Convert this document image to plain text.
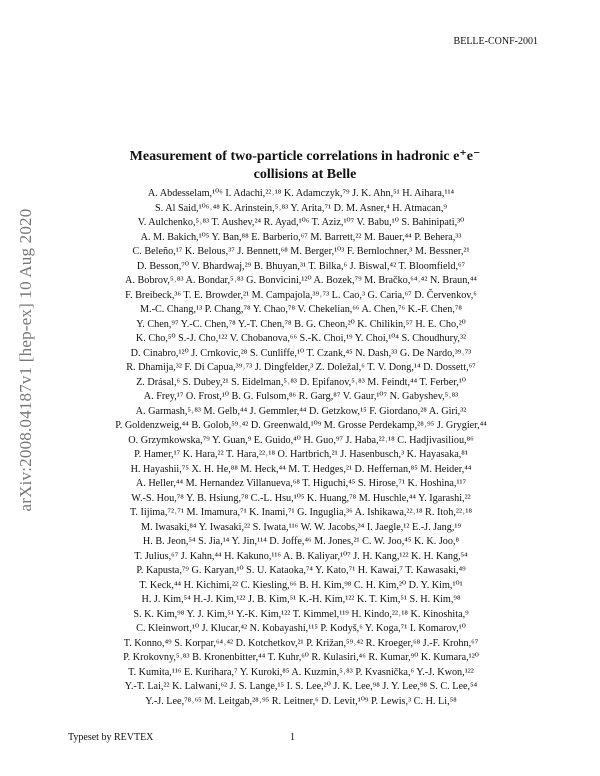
BELLE-CONF-2001
arXiv:2008.04187v1 [hep-ex] 10 Aug 2020
Measurement of two-particle correlations in hadronic e⁺e⁻
collisions at Belle
A. Abdesselam,¹⁰⁶ I. Adachi,²²˒¹⁸ K. Adamczyk,⁷⁹ J. K. Ahn,⁵¹ H. Aihara,¹¹⁴
S. Al Said,¹⁰⁶˒⁴⁸ K. Arinstein,⁵˒⁸³ Y. Arita,⁷¹ D. M. Asner,⁴ H. Atmacan,⁹
V. Aulchenko,⁵˒⁸³ T. Aushev,²⁴ R. Ayad,¹⁰⁶ T. Aziz,¹⁰⁷ V. Babu,¹⁰ S. Bahinipati,³⁰
A. M. Bakich,¹⁰⁵ Y. Ban,⁸⁸ E. Barberio,⁶⁷ M. Barrett,²² M. Bauer,⁴⁴ P. Behera,³³
C. Beleño,¹⁷ K. Belous,³⁷ J. Bennett,⁶⁸ M. Berger,¹⁰³ F. Bernlochner,³ M. Bessner,²¹
D. Besson,⁷⁰ V. Bhardwaj,²⁹ B. Bhuyan,³¹ T. Bilka,⁶ J. Biswal,⁴² T. Bloomfield,⁶⁷
A. Bobrov,⁵˒⁸³ A. Bondar,⁵˒⁸³ G. Bonvicini,¹²⁰ A. Bozek,⁷⁹ M. Bračko,⁶⁴˒⁴² N. Braun,⁴⁴
F. Breibeck,³⁶ T. E. Browder,²¹ M. Campajola,³⁹˒⁷³ L. Cao,³ G. Caria,⁶⁷ D. Červenkov,⁶
M.-C. Chang,¹³ P. Chang,⁷⁸ Y. Chao,⁷⁸ V. Chekelian,⁶⁶ A. Chen,⁷⁶ K.-F. Chen,⁷⁸
Y. Chen,⁹⁷ Y.-C. Chen,⁷⁸ Y.-T. Chen,⁷⁸ B. G. Cheon,²⁰ K. Chilikin,⁵⁷ H. E. Cho,²⁰
K. Cho,⁵⁰ S.-J. Cho,¹²² V. Chobanova,⁶⁶ S.-K. Choi,¹⁹ Y. Choi,¹⁰⁴ S. Choudhury,³²
D. Cinabro,¹²⁰ J. Crnkovic,²⁸ S. Cunliffe,¹⁰ T. Czank,⁴⁵ N. Dash,³³ G. De Nardo,³⁹˒⁷³
R. Dhamija,³² F. Di Capua,³⁹˒⁷³ J. Dingfelder,³ Z. Doležal,⁶ T. V. Dong,¹⁴ D. Dossett,⁶⁷
Z. Drásal,⁶ S. Dubey,²¹ S. Eidelman,⁵˒⁸³ D. Epifanov,⁵˒⁸³ M. Feindt,⁴⁴ T. Ferber,¹⁰
A. Frey,¹⁷ O. Frost,¹⁰ B. G. Fulsom,⁸⁶ R. Garg,⁸⁷ V. Gaur,¹⁰⁷ N. Gabyshev,⁵˒⁸³
A. Garmash,⁵˒⁸³ M. Gelb,⁴⁴ J. Gemmler,⁴⁴ D. Getzkow,¹⁵ F. Giordano,²⁸ A. Giri,³²
P. Goldenzweig,⁴⁴ B. Golob,⁵⁹˒⁴² D. Greenwald,¹⁰⁹ M. Grosse Perdekamp,²⁸˒⁹⁵ J. Grygier,⁴⁴
O. Grzymkowska,⁷⁹ Y. Guan,⁹ E. Guido,⁴⁰ H. Guo,⁹⁷ J. Haba,²²˒¹⁸ C. Hadjivasiliou,⁸⁶
P. Hamer,¹⁷ K. Hara,²² T. Hara,²²˒¹⁸ O. Hartbrich,²¹ J. Hasenbusch,³ K. Hayasaka,⁸¹
H. Hayashii,⁷⁵ X. H. He,⁸⁸ M. Heck,⁴⁴ M. T. Hedges,²¹ D. Heffernan,⁸⁵ M. Heider,⁴⁴
A. Heller,⁴⁴ M. Hernandez Villanueva,⁶⁸ T. Higuchi,⁴⁵ S. Hirose,⁷¹ K. Hoshina,¹¹⁷
W.-S. Hou,⁷⁸ Y. B. Hsiung,⁷⁸ C.-L. Hsu,¹⁰⁵ K. Huang,⁷⁸ M. Huschle,⁴⁴ Y. Igarashi,²²
T. Iijima,⁷²˒⁷¹ M. Imamura,⁷¹ K. Inami,⁷¹ G. Inguglia,³⁶ A. Ishikawa,²²˒¹⁸ R. Itoh,²²˒¹⁸
M. Iwasaki,⁸⁴ Y. Iwasaki,²² S. Iwata,¹¹⁶ W. W. Jacobs,³⁴ I. Jaegle,¹² E.-J. Jang,¹⁹
H. B. Jeon,⁵⁴ S. Jia,¹⁴ Y. Jin,¹¹⁴ D. Joffe,⁴⁶ M. Jones,²¹ C. W. Joo,⁴⁵ K. K. Joo,⁸
T. Julius,⁶⁷ J. Kahn,⁴⁴ H. Kakuno,¹¹⁶ A. B. Kaliyar,¹⁰⁷ J. H. Kang,¹²² K. H. Kang,⁵⁴
P. Kapusta,⁷⁹ G. Karyan,¹⁰ S. U. Kataoka,⁷⁴ Y. Kato,⁷¹ H. Kawai,⁷ T. Kawasaki,⁴⁹
T. Keck,⁴⁴ H. Kichimi,²² C. Kiesling,⁶⁶ B. H. Kim,⁹⁸ C. H. Kim,²⁰ D. Y. Kim,¹⁰¹
H. J. Kim,⁵⁴ H.-J. Kim,¹²² J. B. Kim,⁵¹ K.-H. Kim,¹²² K. T. Kim,⁵¹ S. H. Kim,⁹⁸
S. K. Kim,⁹⁸ Y. J. Kim,⁵¹ Y.-K. Kim,¹²² T. Kimmel,¹¹⁹ H. Kindo,²²˒¹⁸ K. Kinoshita,⁹
C. Kleinwort,¹⁰ J. Klucar,⁴² N. Kobayashi,¹¹⁵ P. Kodyš,⁶ Y. Koga,⁷¹ I. Komarov,¹⁰
T. Konno,⁴⁹ S. Korpar,⁶⁴˒⁴² D. Kotchetkov,²¹ P. Križan,⁵⁹˒⁴² R. Kroeger,⁶⁸ J.-F. Krohn,⁶⁷
P. Krokovny,⁵˒⁸³ B. Kronenbitter,⁴⁴ T. Kuhr,⁶⁰ R. Kulasiri,⁴⁶ R. Kumar,⁹⁰ K. Kumara,¹²⁰
T. Kumita,¹¹⁶ E. Kurihara,⁷ Y. Kuroki,⁸⁵ A. Kuzmin,⁵˒⁸³ P. Kvasnička,⁶ Y.-J. Kwon,¹²²
Y.-T. Lai,²² K. Lalwani,⁶² J. S. Lange,¹⁵ I. S. Lee,²⁰ J. K. Lee,⁹⁸ J. Y. Lee,⁹⁸ S. C. Lee,⁵⁴
Y.-J. Lee,⁷⁸˒⁶⁵ M. Leitgab,²⁸˒⁹⁵ R. Leitner,⁶ D. Levit,¹⁰⁹ P. Lewis,³ C. H. Li,⁵⁸
Typeset by REVTEX	1
